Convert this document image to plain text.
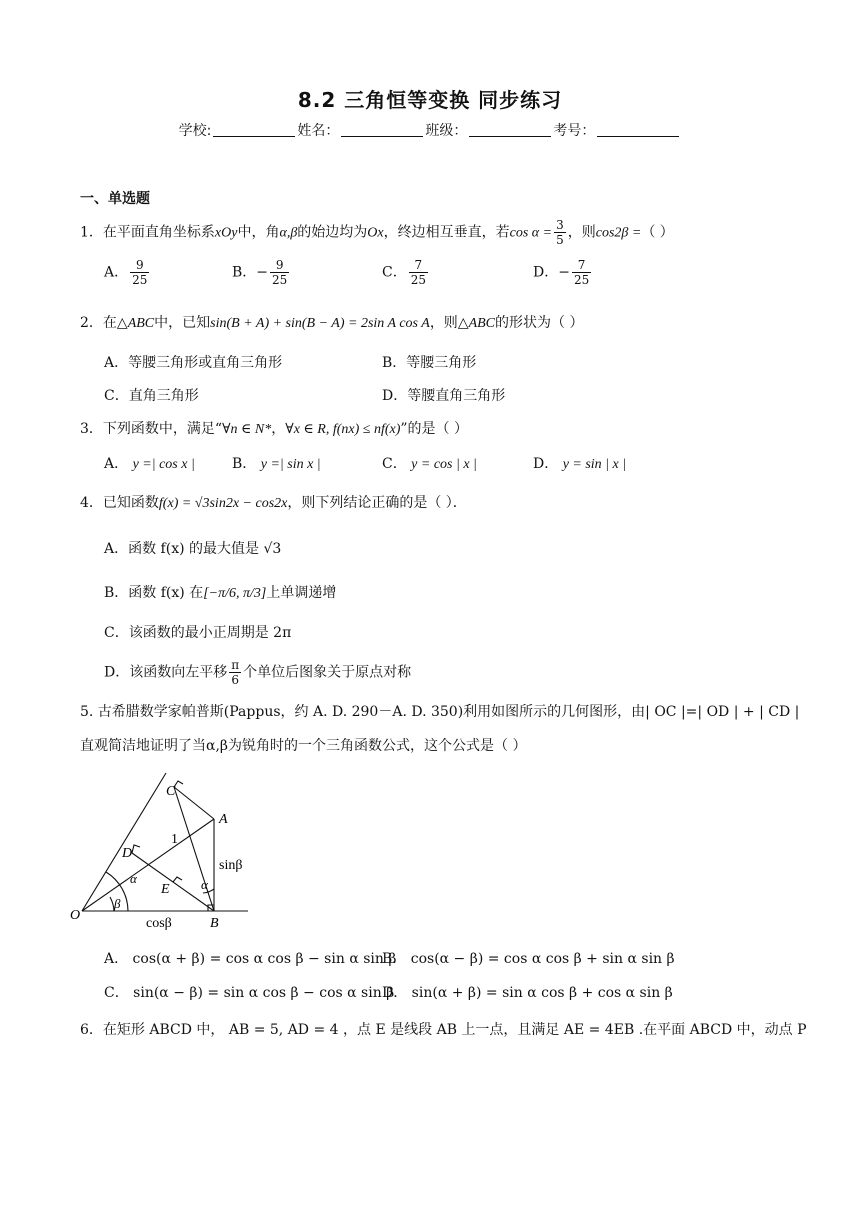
8.2 三角恒等变换 同步练习
学校:	姓名：	班级：	考号：
一、单选题
1．在平面直角坐标系xOy中，角α,β的始边均为Ox，终边相互垂直，若$\cos \alpha = \frac{3}{5}$ ，则cos2β =（ ）
A． $\frac{9}{25}$	B．− $\frac{9}{25}$	C． $\frac{7}{25}$	D．− $\frac{7}{25}$
2．在△ABC中，已知sin(B + A) + sin(B − A) = 2sin A cos A，则△ABC的形状为（ ）
A．等腰三角形或直角三角形	B．等腰三角形
C．直角三角形	D．等腰直角三角形
3．下列函数中，满足“∀n ∈ N*，∀x ∈ R, f(nx) ≤ nf(x)”的是（ ）
A． y =| cos x |	B． y =| sin x |	C． y = cos | x |	D． y = sin | x |
4．已知函数f(x) = √3sin2x − cos2x，则下列结论正确的是（ ）．
A．函数 f(x) 的最大值是 √3
B．函数 f(x) 在[−π/6, π/3]上单调递增
C．该函数的最小正周期是 2π
D．该函数向左平移 $\frac{\pi}{6}$ 个单位后图象关于原点对称
5. 古希腊数学家帕普斯(Pappus，约 A. D. 290－A. D. 350)利用如图所示的几何图形，由| OC |=| OD | + | CD |
直观简洁地证明了当α,β为锐角时的一个三角函数公式，这个公式是（ ）
C
A
D
E
O
B
1
sinβ
cosβ
α
β
α
A． cos(α + β) = cos α cos β − sin α sin β
B． cos(α − β) = cos α cos β + sin α sin β
C． sin(α − β) = sin α cos β − cos α sin β
D． sin(α + β) = sin α cos β + cos α sin β
6．在矩形 ABCD 中， AB = 5, AD = 4 ，点 E 是线段 AB 上一点，且满足 AE = 4EB .在平面 ABCD 中，动点 P
